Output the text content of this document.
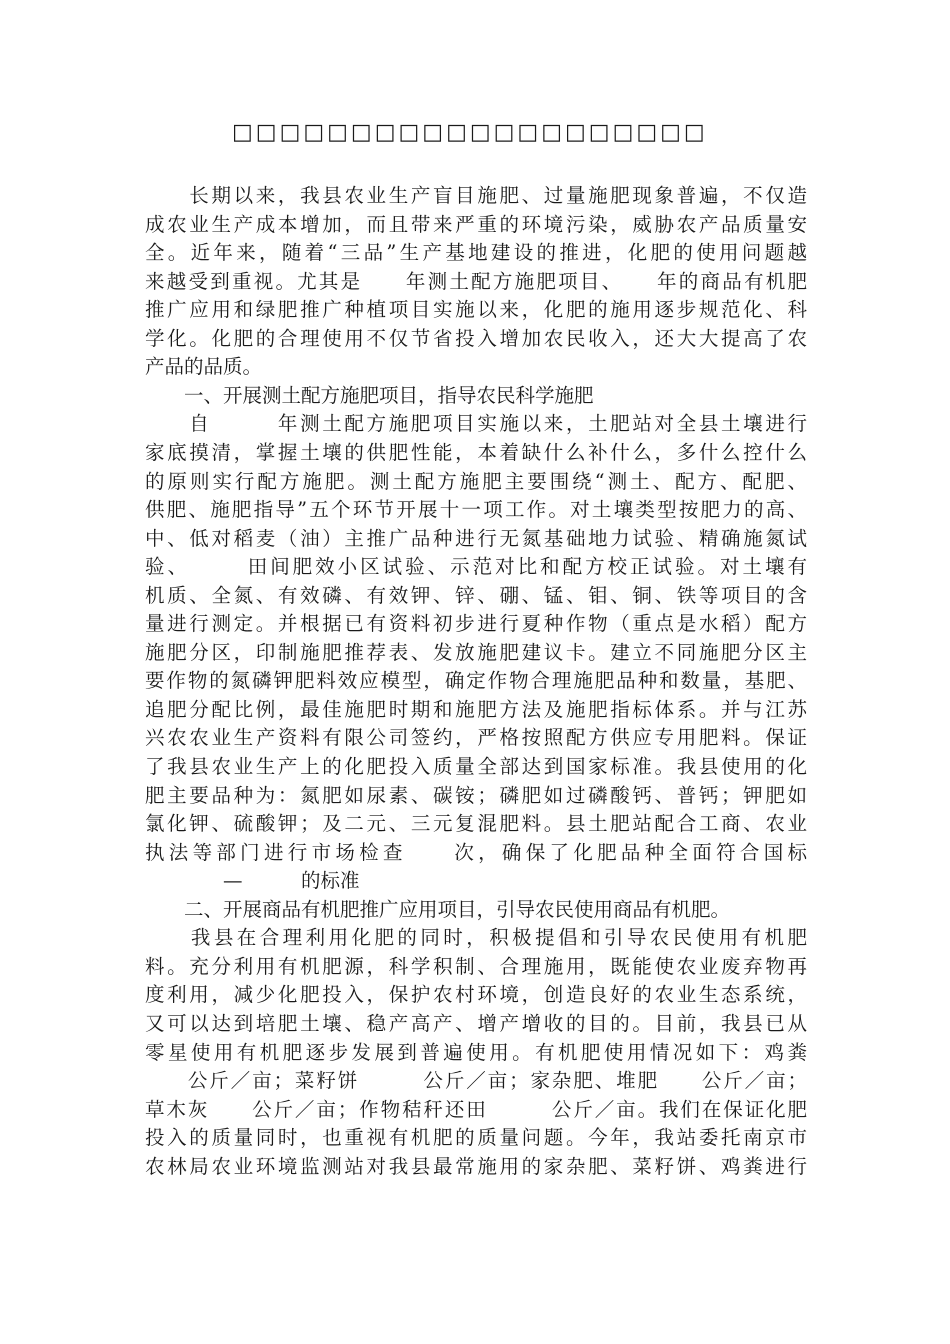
□□□□□□□□□□□□□□□□□□□□
　　长期以来，我县农业生产盲目施肥、过量施肥现象普遍，不仅造
成农业生产成本增加，而且带来严重的环境污染，威胁农产品质量安
全。近年来，随着“三品”生产基地建设的推进，化肥的使用问题越
来越受到重视。尤其是　　年测土配方施肥项目、　　年的商品有机肥
推广应用和绿肥推广种植项目实施以来，化肥的施用逐步规范化、科
学化。化肥的合理使用不仅节省投入增加农民收入，还大大提高了农
产品的品质。
　　一、开展测土配方施肥项目，指导农民科学施肥
　　自　　　年测土配方施肥项目实施以来，土肥站对全县土壤进行
家底摸清，掌握土壤的供肥性能，本着缺什么补什么，多什么控什么
的原则实行配方施肥。测土配方施肥主要围绕“测土、配方、配肥、
供肥、施肥指导”五个环节开展十一项工作。对土壤类型按肥力的高、
中、低对稻麦（油）主推广品种进行无氮基础地力试验、精确施氮试
验、　　　田间肥效小区试验、示范对比和配方校正试验。对土壤有
机质、全氮、有效磷、有效钾、锌、硼、锰、钼、铜、铁等项目的含
量进行测定。并根据已有资料初步进行夏种作物（重点是水稻）配方
施肥分区，印制施肥推荐表、发放施肥建议卡。建立不同施肥分区主
要作物的氮磷钾肥料效应模型，确定作物合理施肥品种和数量，基肥、
追肥分配比例，最佳施肥时期和施肥方法及施肥指标体系。并与江苏
兴农农业生产资料有限公司签约，严格按照配方供应专用肥料。保证
了我县农业生产上的化肥投入质量全部达到国家标准。我县使用的化
肥主要品种为：氮肥如尿素、碳铵；磷肥如过磷酸钙、普钙；钾肥如
氯化钾、硫酸钾；及二元、三元复混肥料。县土肥站配合工商、农业
执法等部门进行市场检查　　次，确保了化肥品种全面符合国标
　　　　—　　　的标准
　　二、开展商品有机肥推广应用项目，引导农民使用商品有机肥。
　　我县在合理利用化肥的同时，积极提倡和引导农民使用有机肥
料。充分利用有机肥源，科学积制、合理施用，既能使农业废弃物再
度利用，减少化肥投入，保护农村环境，创造良好的农业生态系统，
又可以达到培肥土壤、稳产高产、增产增收的目的。目前，我县已从
零星使用有机肥逐步发展到普遍使用。有机肥使用情况如下：鸡粪
　　公斤／亩；菜籽饼　　　公斤／亩；家杂肥、堆肥　　公斤／亩；
草木灰　　公斤／亩；作物秸秆还田　　　公斤／亩。我们在保证化肥
投入的质量同时，也重视有机肥的质量问题。今年，我站委托南京市
农林局农业环境监测站对我县最常施用的家杂肥、菜籽饼、鸡粪进行
